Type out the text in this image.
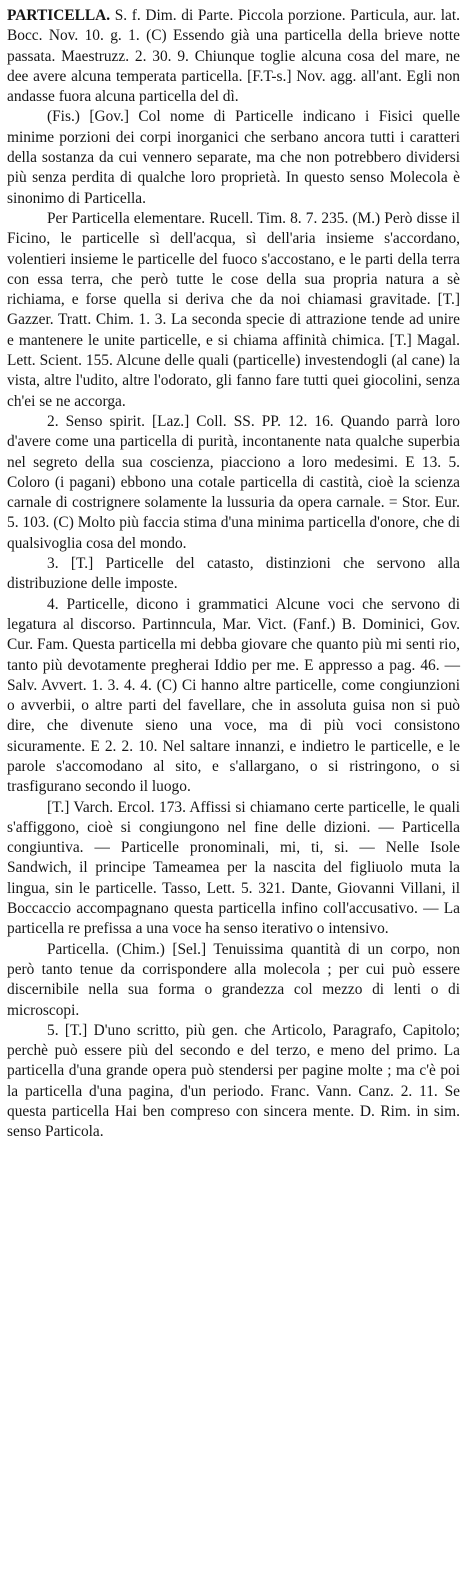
PARTICELLA. S. f. Dim. di Parte. Piccola porzione. Particula, aur. lat. Bocc. Nov. 10. g. 1. (C) Essendo già una particella della brieve notte passata. Maestruzz. 2. 30. 9. Chiunque toglie alcuna cosa del mare, ne dee avere alcuna temperata particella. [F.T-s.] Nov. agg. all'ant. Egli non andasse fuora alcuna particella del dì.

(Fis.) [Gov.] Col nome di Particelle indicano i Fisici quelle minime porzioni dei corpi inorganici che serbano ancora tutti i caratteri della sostanza da cui vennero separate, ma che non potrebbero dividersi più senza perdita di qualche loro proprietà. In questo senso Molecola è sinonimo di Particella.

Per Particella elementare. Rucell. Tim. 8. 7. 235. (M.) Però disse il Ficino, le particelle sì dell'acqua, sì dell'aria insieme s'accordano, volentieri insieme le particelle del fuoco s'accostano, e le parti della terra con essa terra, che però tutte le cose della sua propria natura a sè richiama, e forse quella si deriva che da noi chiamasi gravitade. [T.] Gazzer. Tratt. Chim. 1. 3. La seconda specie di attrazione tende ad unire e mantenere le unite particelle, e si chiama affinità chimica. [T.] Magal. Lett. Scient. 155. Alcune delle quali (particelle) investendogli (al cane) la vista, altre l'udito, altre l'odorato, gli fanno fare tutti quei giocolini, senza ch'ei se ne accorga.

2. Senso spirit. [Laz.] Coll. SS. PP. 12. 16. Quando parrà loro d'avere come una particella di purità, incontanente nata qualche superbia nel segreto della sua coscienza, piacciono a loro medesimi. E 13. 5. Coloro (i pagani) ebbono una cotale particella di castità, cioè la scienza carnale di costrignere solamente la lussuria da opera carnale. = Stor. Eur. 5. 103. (C) Molto più faccia stima d'una minima particella d'onore, che di qualsivoglia cosa del mondo.

3. [T.] Particelle del catasto, distinzioni che servono alla distribuzione delle imposte.

4. Particelle, dicono i grammatici Alcune voci che servono di legatura al discorso. Partinncula, Mar. Vict. (Fanf.) B. Dominici, Gov. Cur. Fam. Questa particella mi debba giovare che quanto più mi senti rio, tanto più devotamente pregherai Iddio per me. E appresso a pag. 46. — Salv. Avvert. 1. 3. 4. 4. (C) Ci hanno altre particelle, come congiunzioni o avverbii, o altre parti del favellare, che in assoluta guisa non si può dire, che divenute sieno una voce, ma di più voci consistono sicuramente. E 2. 2. 10. Nel saltare innanzi, e indietro le particelle, e le parole s'accomodano al sito, e s'allargano, o si ristringono, o si trasfigurano secondo il luogo.

[T.] Varch. Ercol. 173. Affissi si chiamano certe particelle, le quali s'affiggono, cioè si congiungono nel fine delle dizioni. — Particella congiuntiva. — Particelle pronominali, mi, ti, si. — Nelle Isole Sandwich, il principe Tameamea per la nascita del figliuolo muta la lingua, sin le particelle. Tasso, Lett. 5. 321. Dante, Giovanni Villani, il Boccaccio accompagnano questa particella infino coll'accusativo. — La particella re prefissa a una voce ha senso iterativo o intensivo.

Particella. (Chim.) [Sel.] Tenuissima quantità di un corpo, non però tanto tenue da corrispondere alla molecola ; per cui può essere discernibile nella sua forma o grandezza col mezzo di lenti o di microscopi.

5. [T.] D'uno scritto, più gen. che Articolo, Paragrafo, Capitolo; perchè può essere più del secondo e del terzo, e meno del primo. La particella d'una grande opera può stendersi per pagine molte ; ma c'è poi la particella d'una pagina, d'un periodo. Franc. Vann. Canz. 2. 11. Se questa particella Hai ben compreso con sincera mente. D. Rim. in sim. senso Particola.
